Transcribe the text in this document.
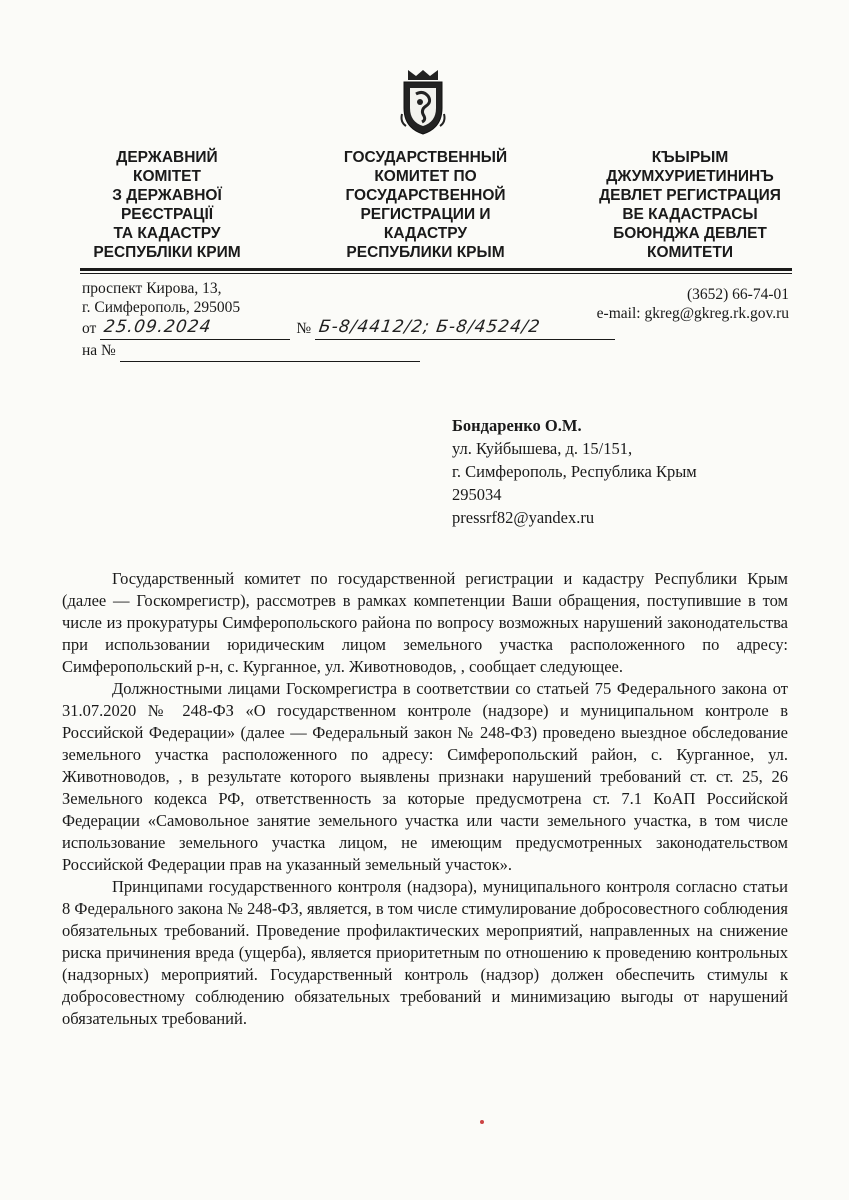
ДЕРЖАВНИЙ
КОМІТЕТ
З ДЕРЖАВНОЇ
РЕЄСТРАЦІЇ
ТА КАДАСТРУ
РЕСПУБЛІКИ КРИМ
ГОСУДАРСТВЕННЫЙ
КОМИТЕТ ПО
ГОСУДАРСТВЕННОЙ
РЕГИСТРАЦИИ И
КАДАСТРУ
РЕСПУБЛИКИ КРЫМ
КЪЫРЫМ
ДЖУМХУРИЕТИНИНЪ
ДЕВЛЕТ РЕГИСТРАЦИЯ
ВЕ КАДАСТРАСЫ
БОЮНДЖА ДЕВЛЕТ
КОМИТЕТИ
проспект Кирова, 13,
г. Симферополь, 295005
(3652) 66-74-01
e-mail: gkreg@gkreg.rk.gov.ru
от 25.09.2024	№ Б-8/4412/2; Б-8/4524/2
на №
Бондаренко О.М.
ул. Куйбышева, д. 15/151,
г. Симферополь, Республика Крым
295034
pressrf82@yandex.ru

Государственный комитет по государственной регистрации и кадастру Республики Крым (далее — Госкомрегистр), рассмотрев в рамках компетенции Ваши обращения, поступившие в том числе из прокуратуры Симферопольского района по вопросу возможных нарушений законодательства при использовании юридическим лицом земельного участка расположенного по адресу: Симферопольский р-н, с. Курганное, ул. Животноводов, , сообщает следующее.

Должностными лицами Госкомрегистра в соответствии со статьей 75 Федерального закона от 31.07.2020 № 248-ФЗ «О государственном контроле (надзоре) и муниципальном контроле в Российской Федерации» (далее — Федеральный закон № 248-ФЗ) проведено выездное обследование земельного участка расположенного по адресу: Симферопольский район, с. Курганное, ул. Животноводов, , в результате которого выявлены признаки нарушений требований ст. ст. 25, 26 Земельного кодекса РФ, ответственность за которые предусмотрена ст. 7.1 КоАП Российской Федерации «Самовольное занятие земельного участка или части земельного участка, в том числе использование земельного участка лицом, не имеющим предусмотренных законодательством Российской Федерации прав на указанный земельный участок».

Принципами государственного контроля (надзора), муниципального контроля согласно статьи 8 Федерального закона № 248-ФЗ, является, в том числе стимулирование добросовестного соблюдения обязательных требований. Проведение профилактических мероприятий, направленных на снижение риска причинения вреда (ущерба), является приоритетным по отношению к проведению контрольных (надзорных) мероприятий. Государственный контроль (надзор) должен обеспечить стимулы к добросовестному соблюдению обязательных требований и минимизацию выгоды от нарушений обязательных требований.
